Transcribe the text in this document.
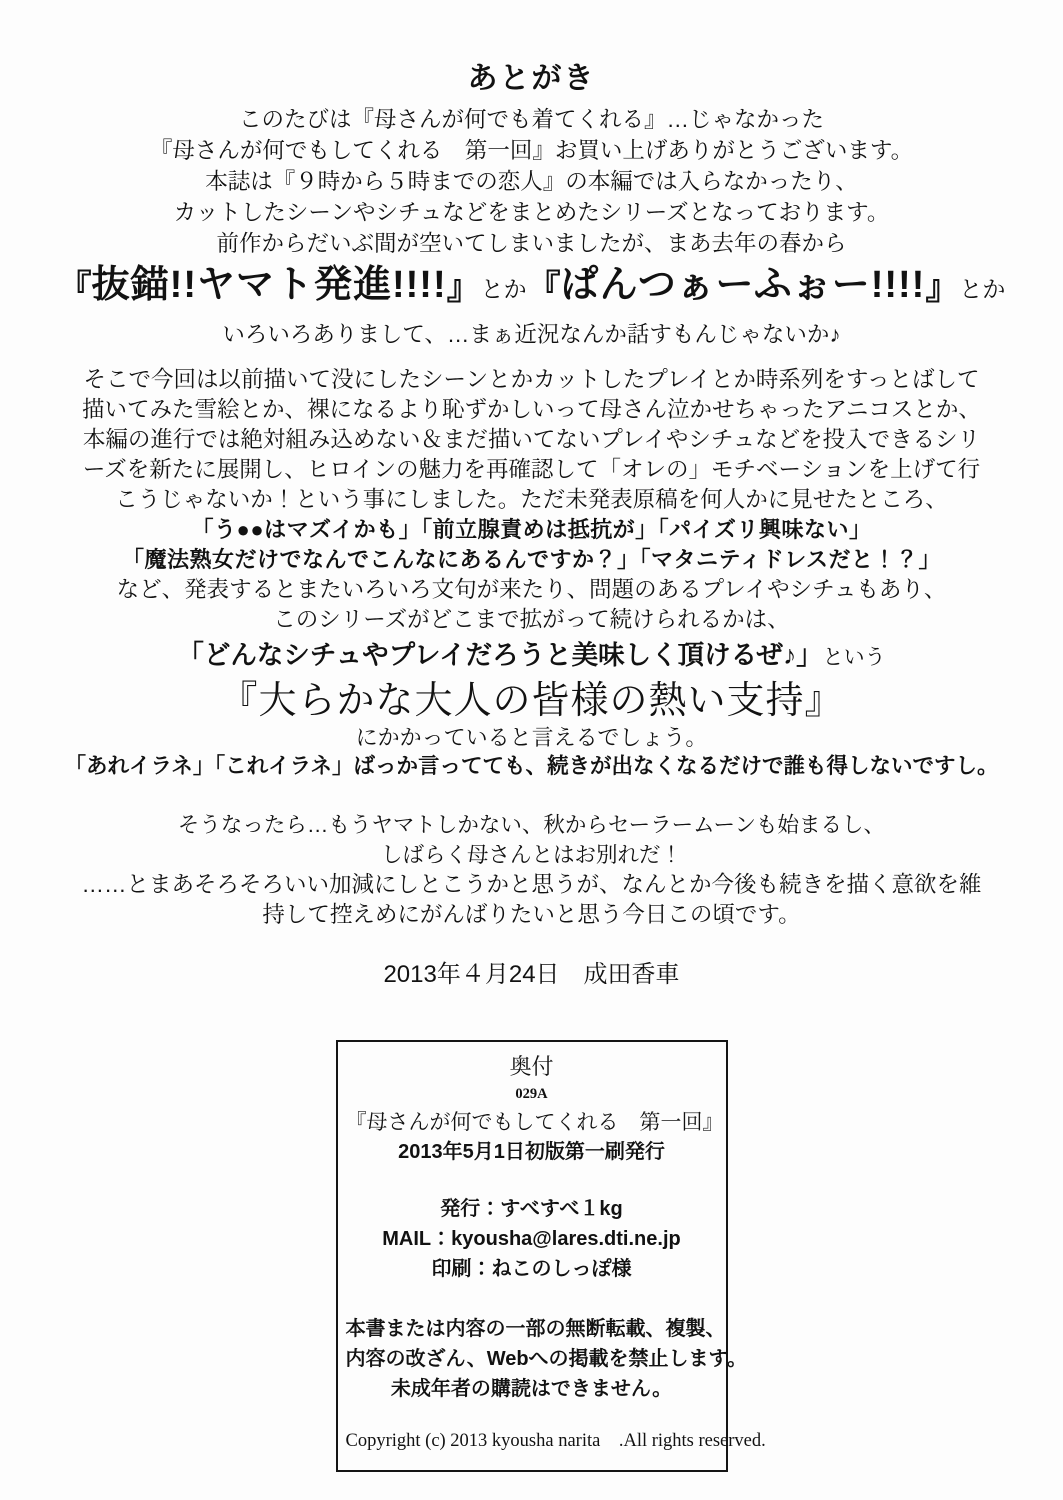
あとがき

このたびは『母さんが何でも着てくれる』…じゃなかった

『母さんが何でもしてくれる　第一回』お買い上げありがとうございます。

本誌は『９時から５時までの恋人』の本編では入らなかったり、

カットしたシーンやシチュなどをまとめたシリーズとなっております。

前作からだいぶ間が空いてしまいましたが、まあ去年の春から

『抜錨!!ヤマト発進!!!!』とか『ぱんつぁーふぉー!!!!』とか

いろいろありまして、…まぁ近況なんか話すもんじゃないか♪

そこで今回は以前描いて没にしたシーンとかカットしたプレイとか時系列をすっとばして

描いてみた雪絵とか、裸になるより恥ずかしいって母さん泣かせちゃったアニコスとか、

本編の進行では絶対組み込めない＆まだ描いてないプレイやシチュなどを投入できるシリ

ーズを新たに展開し、ヒロインの魅力を再確認して「オレの」モチベーションを上げて行

こうじゃないか！という事にしました。ただ未発表原稿を何人かに見せたところ、

「う●●はマズイかも」「前立腺責めは抵抗が」「パイズリ興味ない」

「魔法熟女だけでなんでこんなにあるんですか？」「マタニティドレスだと！？」

など、発表するとまたいろいろ文句が来たり、問題のあるプレイやシチュもあり、

このシリーズがどこまで拡がって続けられるかは、

「どんなシチュやプレイだろうと美味しく頂けるぜ♪」という

『大らかな大人の皆様の熱い支持』

にかかっていると言えるでしょう。

「あれイラネ」「これイラネ」ばっか言ってても、続きが出なくなるだけで誰も得しないですし。

そうなったら…もうヤマトしかない、秋からセーラームーンも始まるし、

しばらく母さんとはお別れだ！

……とまあそろそろいい加減にしとこうかと思うが、なんとか今後も続きを描く意欲を維

持して控えめにがんばりたいと思う今日この頃です。

2013年４月24日　成田香車

奥付

029A

『母さんが何でもしてくれる　第一回』

2013年5月1日初版第一刷発行

発行：すべすべ１kg

MAIL：kyousha@lares.dti.ne.jp

印刷：ねこのしっぽ様

本書または内容の一部の無断転載、複製、

内容の改ざん、Webへの掲載を禁止します。

未成年者の購読はできません。

Copyright (c) 2013 kyousha narita　.All rights reserved.
